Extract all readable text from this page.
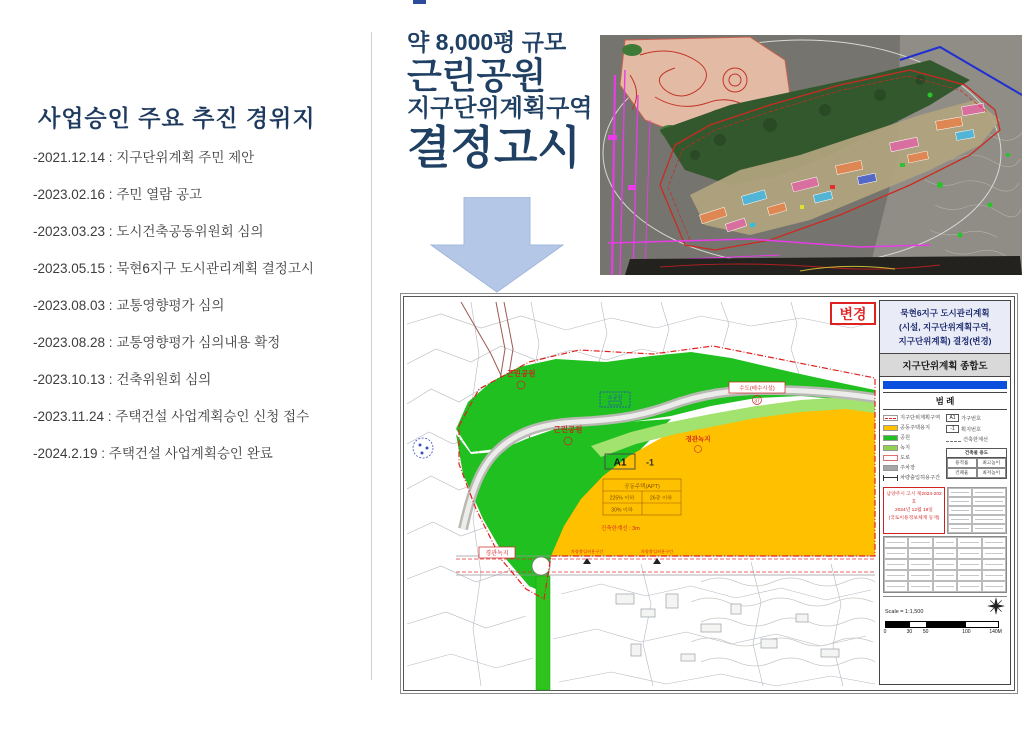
사업승인 주요 추진 경위지
-2021.12.14 : 지구단위계획 주민 제안
-2023.02.16 : 주민 열람 공고
-2023.03.23 : 도시건축공동위원회 심의
-2023.05.15 : 묵현6지구 도시관리계획 결정고시
-2023.08.03 : 교통영향평가 심의
-2023.08.28 : 교통영향평가 심의내용 확정
-2023.10.13 : 건축위원회 심의
-2023.11.24 : 주택건설 사업계획승인 신청 접수
-2024.2.19 : 주택건설 사업계획승인 완료
약 8,000평 규모
근린공원
지구단위계획구역
결정고시
근린공원
근린공원
소공원
경관녹지
경관녹지
수도(배수시설)
37
A1 -1
공동주택(APT)
225% 이하	26층 이하
30% 이하
건축한계선 : 3m
차량출입허용구간	차량출입허용구간
변경	묵현6지구 도시관리계획
(시설, 지구단위계획구역,
지구단위계획) 결정(변경)
지구단위계획 종합도
범 례
지구단위계획구역
공동주택용지
공원
녹지
도로
주차장
차량출입허용구간
A1	가구번호
-1	획지번호
건축한계선
건축물 용도
용적률	최고높이
건폐율	최저높이
남양주시 고시 제2024-202호
2024년 12월 19일
(국토이용정보체계 등재)
Scale = 1:1,500
0	30 50	100	140M
